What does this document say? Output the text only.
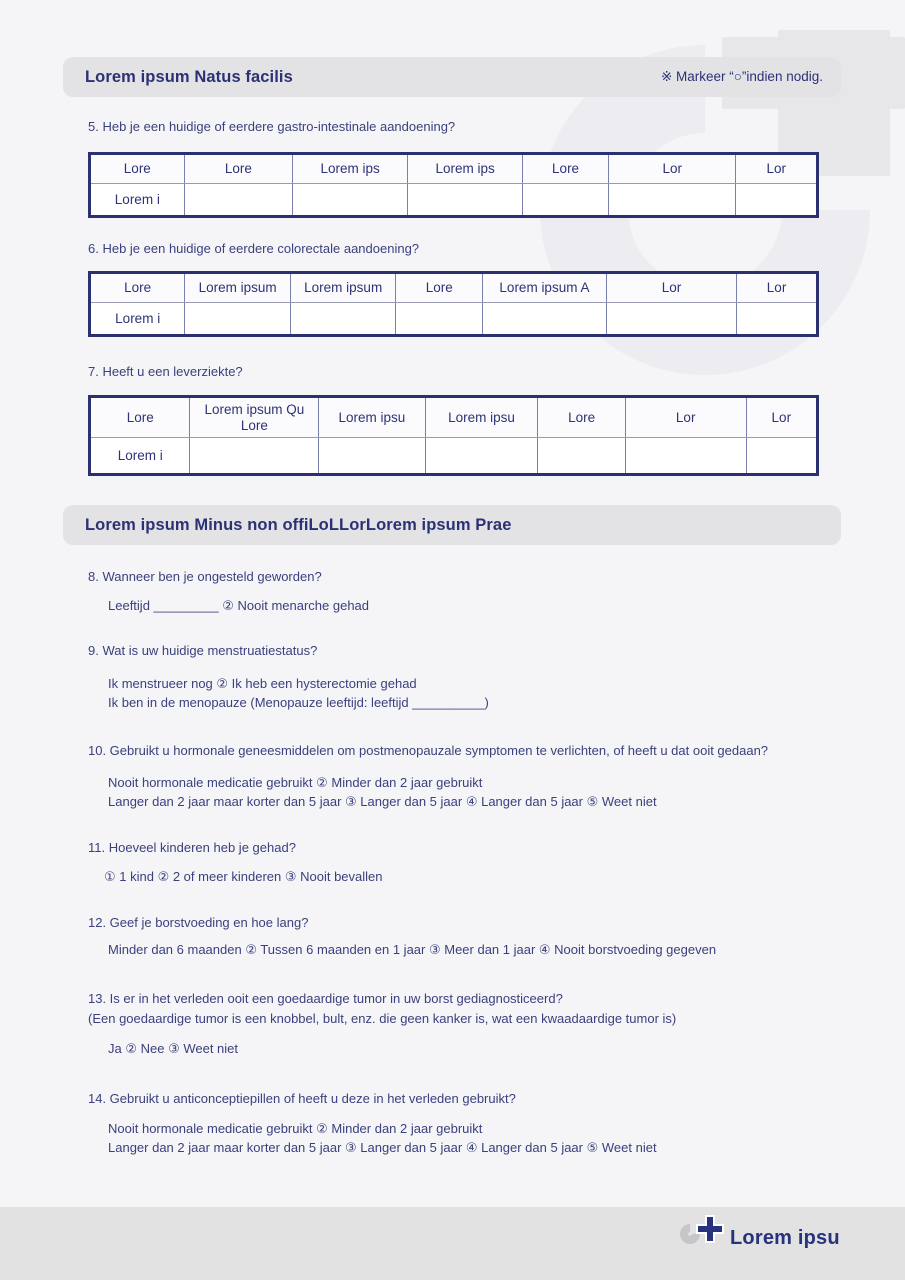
Lorem ipsum Natus facilis	※ Markeer “○”indien nodig.
5. Heb je een huidige of eerdere gastro-intestinale aandoening?
Lore	Lore	Lorem ips	Lorem ips	Lore	Lor	Lor
Lorem i						
6. Heb je een huidige of eerdere colorectale aandoening?
Lore	Lorem ipsum	Lorem ipsum	Lore	Lorem ipsum A	Lor	Lor
Lorem i						
7. Heeft u een leverziekte?
Lore	Lorem ipsum Qu Lore	Lorem ipsu	Lorem ipsu	Lore	Lor	Lor
Lorem i						
Lorem ipsum Minus non offiLoLLorLorem ipsum Prae
8. Wanneer ben je ongesteld geworden?
Leeftijd _________ ② Nooit menarche gehad
9. Wat is uw huidige menstruatiestatus?
Ik menstrueer nog ② Ik heb een hysterectomie gehad
Ik ben in de menopauze (Menopauze leeftijd: leeftijd __________)
10. Gebruikt u hormonale geneesmiddelen om postmenopauzale symptomen te verlichten, of heeft u dat ooit gedaan?
Nooit hormonale medicatie gebruikt ② Minder dan 2 jaar gebruikt
Langer dan 2 jaar maar korter dan 5 jaar ③ Langer dan 5 jaar ④ Langer dan 5 jaar ⑤ Weet niet
11. Hoeveel kinderen heb je gehad?
① 1 kind ② 2 of meer kinderen ③ Nooit bevallen
12. Geef je borstvoeding en hoe lang?
Minder dan 6 maanden ② Tussen 6 maanden en 1 jaar ③ Meer dan 1 jaar ④ Nooit borstvoeding gegeven
13. Is er in het verleden ooit een goedaardige tumor in uw borst gediagnosticeerd?
(Een goedaardige tumor is een knobbel, bult, enz. die geen kanker is, wat een kwaadaardige tumor is)
Ja ② Nee ③ Weet niet
14. Gebruikt u anticonceptiepillen of heeft u deze in het verleden gebruikt?
Nooit hormonale medicatie gebruikt ② Minder dan 2 jaar gebruikt
Langer dan 2 jaar maar korter dan 5 jaar ③ Langer dan 5 jaar ④ Langer dan 5 jaar ⑤ Weet niet
Lorem ipsu
